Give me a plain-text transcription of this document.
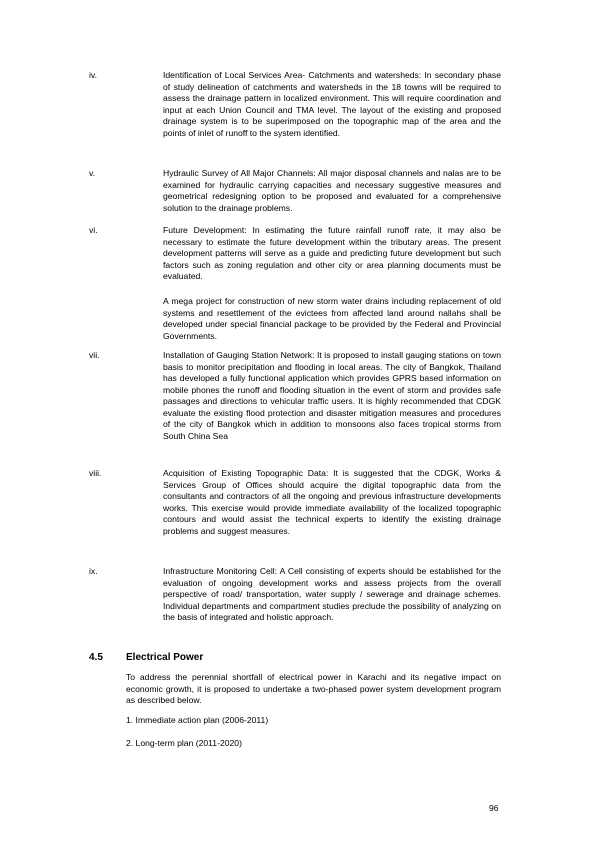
iv.	Identification of Local Services Area- Catchments and watersheds: In secondary phase of study delineation of catchments and watersheds in the 18 towns will be required to assess the drainage pattern in localized environment. This will require coordination and input at each Union Council and TMA level. The layout of the existing and proposed drainage system is to be superimposed on the topographic map of the area and the points of inlet of runoff to the system identified.

v.	Hydraulic Survey of All Major Channels: All major disposal channels and nalas are to be examined for hydraulic carrying capacities and necessary suggestive measures and geometrical redesigning option to be proposed and evaluated for a comprehensive solution to the drainage problems.

vi.	Future Development: In estimating the future rainfall runoff rate, it may also be necessary to estimate the future development within the tributary areas. The present development patterns will serve as a guide and predicting future development but such factors such as zoning regulation and other city or area planning documents must be evaluated.

A mega project for construction of new storm water drains including replacement of old systems and resettlement of the evictees from affected land around nallahs shall be developed under special financial package to be provided by the Federal and Provincial Governments.

vii.	Installation of Gauging Station Network: It is proposed to install gauging stations on town basis to monitor precipitation and flooding in local areas. The city of Bangkok, Thailand has developed a fully functional application which provides GPRS based information on mobile phones the runoff and flooding situation in the event of storm and provides safe passages and directions to vehicular traffic users. It is highly recommended that CDGK evaluate the existing flood protection and disaster mitigation measures and procedures of the city of Bangkok which in addition to monsoons also faces tropical storms from South China Sea

viii.	Acquisition of Existing Topographic Data: It is suggested that the CDGK, Works & Services Group of Offices should acquire the digital topographic data from the consultants and contractors of all the ongoing and previous infrastructure developments works. This exercise would provide immediate availability of the localized topographic contours and would assist the technical experts to identify the existing drainage problems and suggest measures.

ix.	Infrastructure Monitoring Cell: A Cell consisting of experts should be established for the evaluation of ongoing development works and assess projects from the overall perspective of road/ transportation, water supply / sewerage and drainage schemes. Individual departments and compartment studies preclude the possibility of analyzing on the basis of integrated and holistic approach.

4.5 Electrical Power

To address the perennial shortfall of electrical power in Karachi and its negative impact on economic growth, it is proposed to undertake a two-phased power system development program as described below.

1. Immediate action plan (2006-2011)

2. Long-term plan (2011-2020)

96
